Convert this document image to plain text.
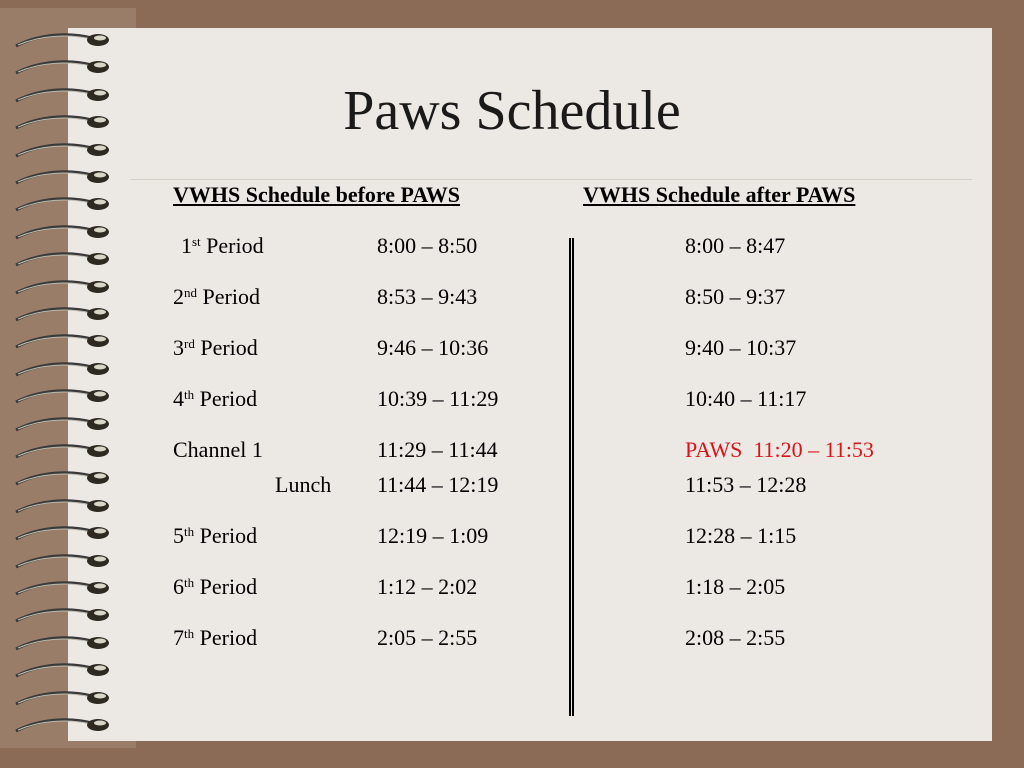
Paws Schedule
VWHS Schedule before PAWS	VWHS Schedule after PAWS
1st Period	8:00 – 8:50	8:00 – 8:47
2nd Period	8:53 – 9:43	8:50 – 9:37
3rd Period	9:46 – 10:36	9:40 – 10:37
4th Period	10:39 – 11:29	10:40 – 11:17
Channel 1	11:29 – 11:44	PAWS  11:20 – 11:53
Lunch 11:44 – 12:19	11:53 – 12:28
5th Period	12:19 – 1:09	12:28 – 1:15
6th Period	1:12 – 2:02	1:18 – 2:05
7th Period	2:05 – 2:55	2:08 – 2:55
